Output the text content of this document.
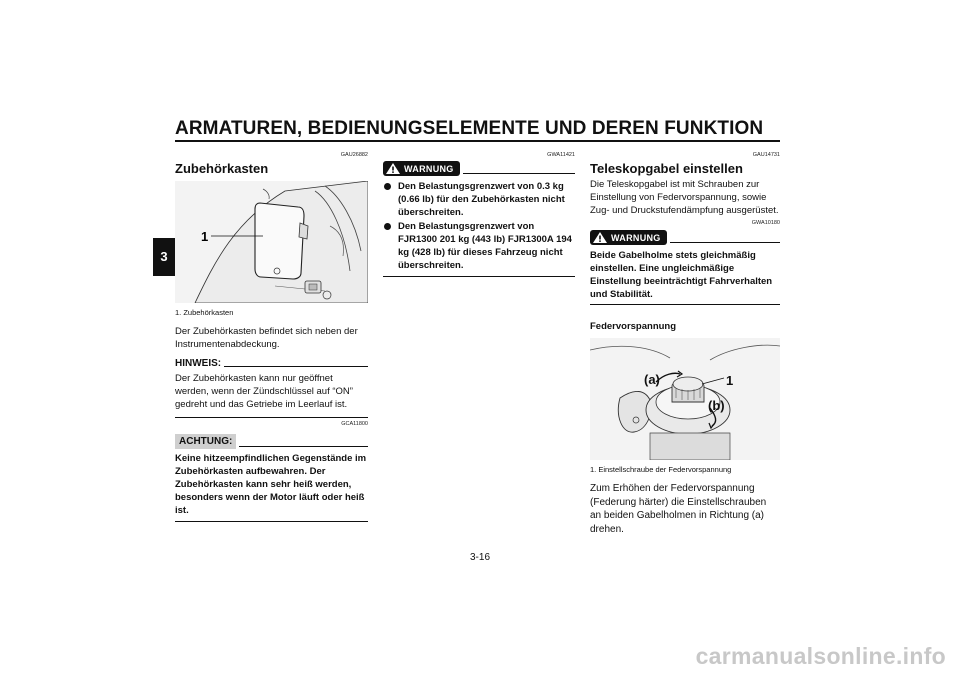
ARMATUREN, BEDIENUNGSELEMENTE UND DEREN FUNKTION
3
GAU26882
Zubehörkasten
1
1. Zubehörkasten
Der Zubehörkasten befindet sich neben der Instrumentenabdeckung.
HINWEIS:
Der Zubehörkasten kann nur geöffnet werden, wenn der Zündschlüssel auf “ON” gedreht und das Getriebe im Leerlauf ist.
GCA11800
ACHTUNG:
Keine hitzeempfindlichen Gegenstände im Zubehörkasten aufbewahren. Der Zubehörkasten kann sehr heiß werden, besonders wenn der Motor läuft oder heiß ist.
GWA11421
WARNUNG
Den Belastungsgrenzwert von 0.3 kg (0.66 lb) für den Zubehörkasten nicht überschreiten.
Den Belastungsgrenzwert von FJR1300 201 kg (443 lb) FJR1300A 194 kg (428 lb) für dieses Fahrzeug nicht überschreiten.
GAU14731
Teleskopgabel einstellen
Die Teleskopgabel ist mit Schrauben zur Einstellung von Federvorspannung, sowie Zug- und Druckstufendämpfung ausgerüstet.
GWA10180
WARNUNG
Beide Gabelholme stets gleichmäßig einstellen. Eine ungleichmäßige Einstellung beeinträchtigt Fahrverhalten und Stabilität.
Federvorspannung
(a)	1
(b)
1. Einstellschraube der Federvorspannung
Zum Erhöhen der Federvorspannung (Federung härter) die Einstellschrauben an beiden Gabelholmen in Richtung (a) drehen.
3-16
carmanualsonline.info
